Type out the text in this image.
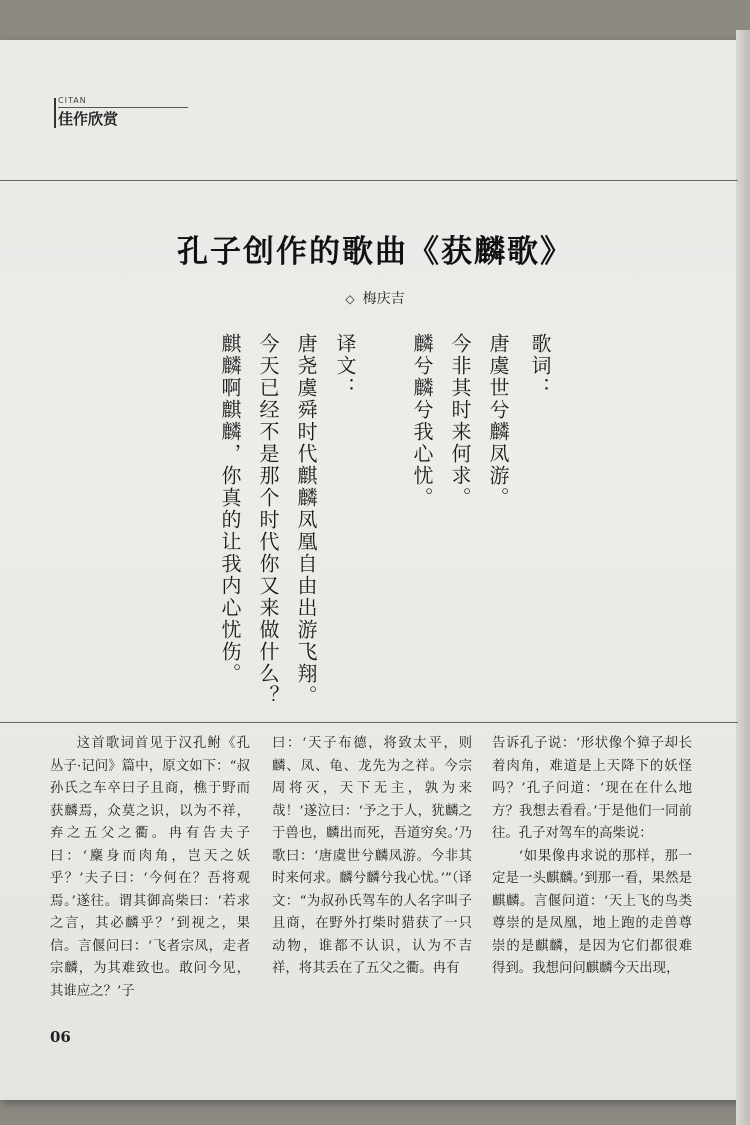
CITAN
佳作欣赏
孔子创作的歌曲《获麟歌》
◇ 梅庆吉
歌词：
唐虞世兮麟凤游。
今非其时来何求。
麟兮麟兮我心忧。
译文：
唐尧虞舜时代麒麟凤凰自由出游飞翔。
今天已经不是那个时代你又来做什么？
麒麟啊麒麟，你真的让我内心忧伤。

这首歌词首见于汉孔鲋《孔丛子·记问》篇中，原文如下：“叔孙氏之车卒曰子且商，樵于野而获麟焉，众莫之识，以为不祥，弃之五父之衢。冉有告夫子曰：‘麇身而肉角，岂天之妖乎？’夫子曰：‘今何在？吾将观焉。’遂往。谓其御高柴曰：‘若求之言，其必麟乎？’到视之，果信。言偃问曰：‘飞者宗凤，走者宗麟，为其难致也。敢问今见，其谁应之？’子

曰：‘天子布德，将致太平，则麟、凤、龟、龙先为之祥。今宗周将灭，天下无主，孰为来哉！’遂泣曰：‘予之于人，犹麟之于兽也，麟出而死，吾道穷矣。’乃歌曰：‘唐虞世兮麟凤游。今非其时来何求。麟兮麟兮我心忧。’”（译文：“为叔孙氏驾车的人名字叫子且商，在野外打柴时猎获了一只动物，谁都不认识，认为不吉祥，将其丢在了五父之衢。冉有

告诉孔子说：‘形状像个獐子却长着肉角，难道是上天降下的妖怪吗？’孔子问道：‘现在在什么地方？我想去看看。’于是他们一同前往。孔子对驾车的高柴说：

‘如果像冉求说的那样，那一定是一头麒麟。’到那一看，果然是麒麟。言偃问道：‘天上飞的鸟类尊崇的是凤凰，地上跑的走兽尊崇的是麒麟，是因为它们都很难得到。我想问问麒麟今天出现，

06
